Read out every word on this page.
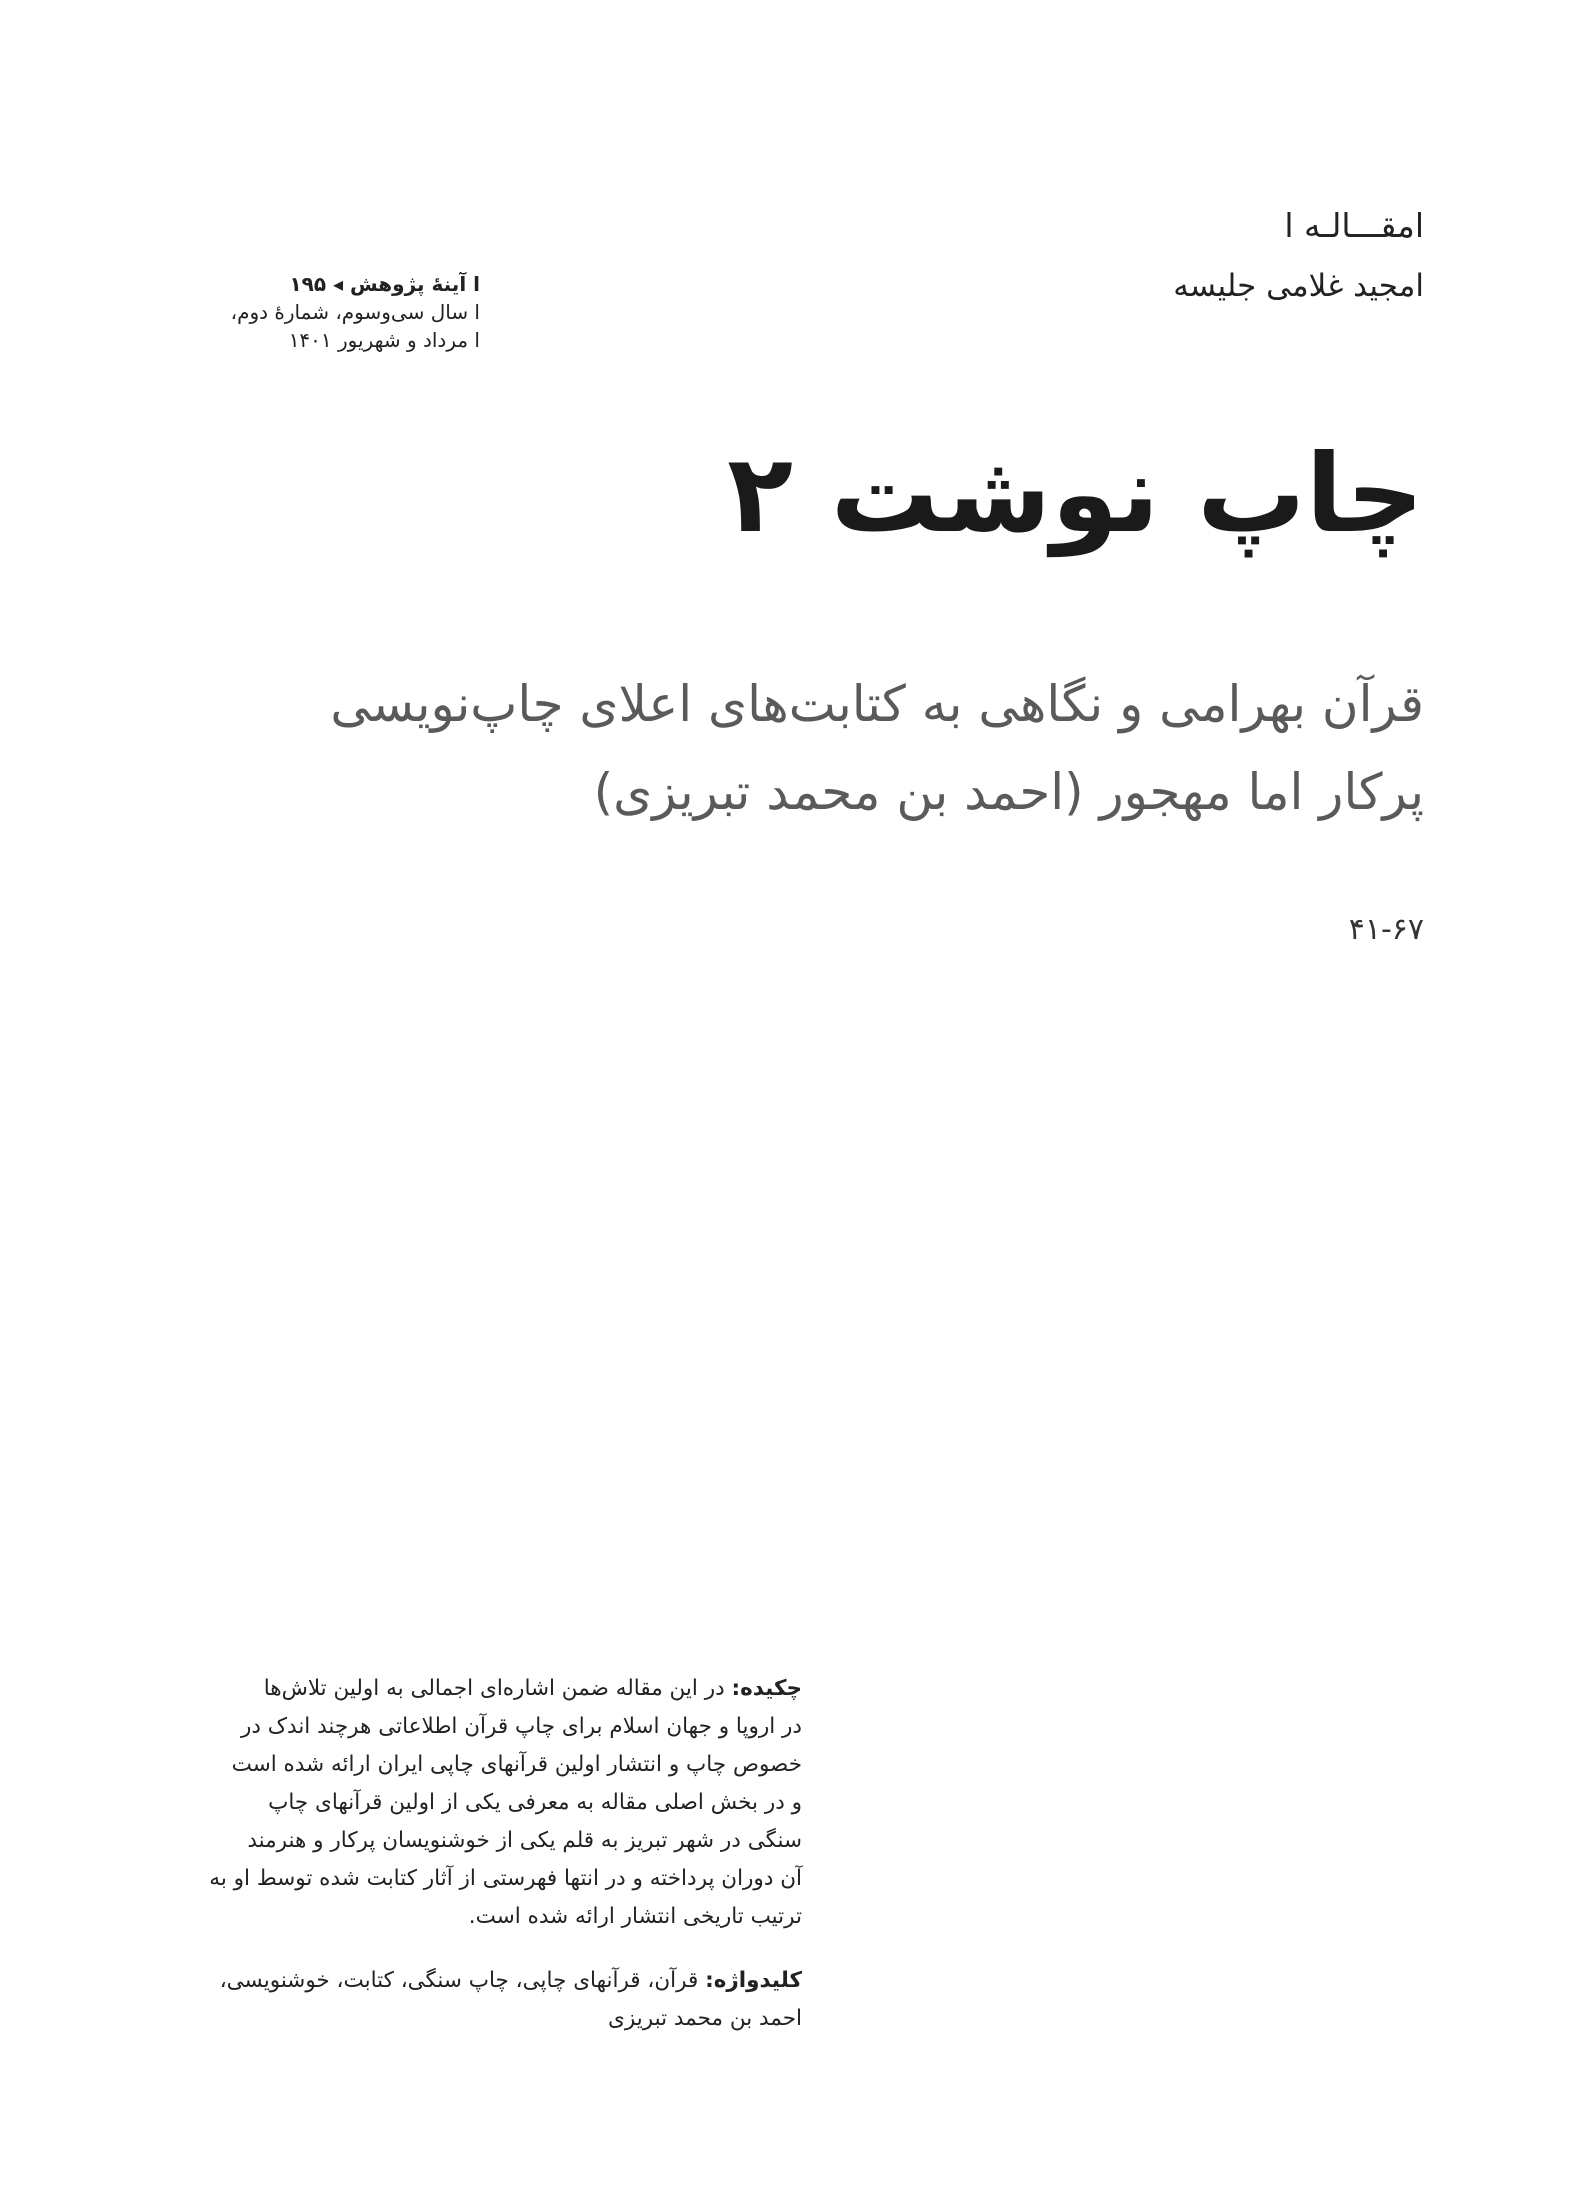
امقـــالـه ا
امجید غلامی جلیسه
ا آینۀ پژوهش ◂ ۱۹۵
ا سال سی‌وسوم، شمارۀ دوم،
ا مرداد و شهریور ۱۴۰۱
چاپ نوشت ۲
قرآن بهرامی و نگاهی به کتابت‌های اعلای چاپ‌نویسی
پرکار اما مهجور (احمد بن محمد تبریزی)
۴۱-۶۷
چکیده: در این مقاله ضمن اشاره‌ای اجمالی به اولین تلاش‌ها
در اروپا و جهان اسلام برای چاپ قرآن اطلاعاتی هرچند اندک در
خصوص چاپ و انتشار اولین قرآنهای چاپی ایران ارائه شده است
و در بخش اصلی مقاله به معرفی یکی از اولین قرآنهای چاپ
سنگی در شهر تبریز به قلم یکی از خوشنویسان پرکار و هنرمند
آن دوران پرداخته و در انتها فهرستی از آثار کتابت شده توسط او به
ترتیب تاریخی انتشار ارائه شده است.
کلیدواژه: قرآن، قرآنهای چاپی، چاپ سنگی، کتابت، خوشنویسی،
احمد بن محمد تبریزی
